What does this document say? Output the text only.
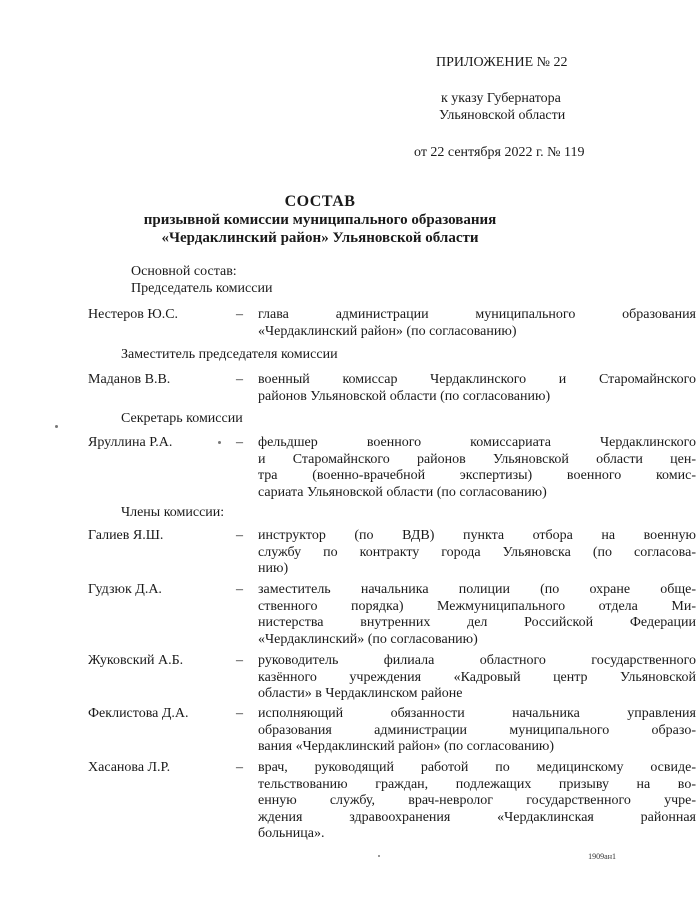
ПРИЛОЖЕНИЕ № 22
к указу Губернатора
Ульяновской области
от 22 сентября 2022 г. № 119
СОСТАВ
призывной комиссии муниципального образования
«Чердаклинский район» Ульяновской области
Основной состав:
Председатель комиссии
Нестеров Ю.С.	– глава администрации муниципального образования
«Чердаклинский район» (по согласованию)
Заместитель председателя комиссии
Маданов В.В.	– военный комиссар Чердаклинского и Старомайнского
районов Ульяновской области (по согласованию)
Секретарь комиссии
Яруллина Р.А.	– фельдшер военного комиссариата Чердаклинского
и Старомайнского районов Ульяновской области цен-
тра (военно-врачебной экспертизы) военного комис-
сариата Ульяновской области (по согласованию)
Члены комиссии:
Галиев Я.Ш.	– инструктор (по ВДВ) пункта отбора на военную
службу по контракту города Ульяновска (по согласова-
нию)
Гудзюк Д.А.	– заместитель начальника полиции (по охране обще-
ственного порядка) Межмуниципального отдела Ми-
нистерства внутренних дел Российской Федерации
«Чердаклинский» (по согласованию)
Жуковский А.Б.	– руководитель филиала областного государственного
казённого учреждения «Кадровый центр Ульяновской
области» в Чердаклинском районе
Феклистова Д.А.	– исполняющий обязанности начальника управления
образования администрации муниципального образо-
вания «Чердаклинский район» (по согласованию)
Хасанова Л.Р.	– врач, руководящий работой по медицинскому освиде-
тельствованию граждан, подлежащих призыву на во-
енную службу, врач-невролог государственного учре-
ждения здравоохранения «Чердаклинская районная
больница».
1909ан1
